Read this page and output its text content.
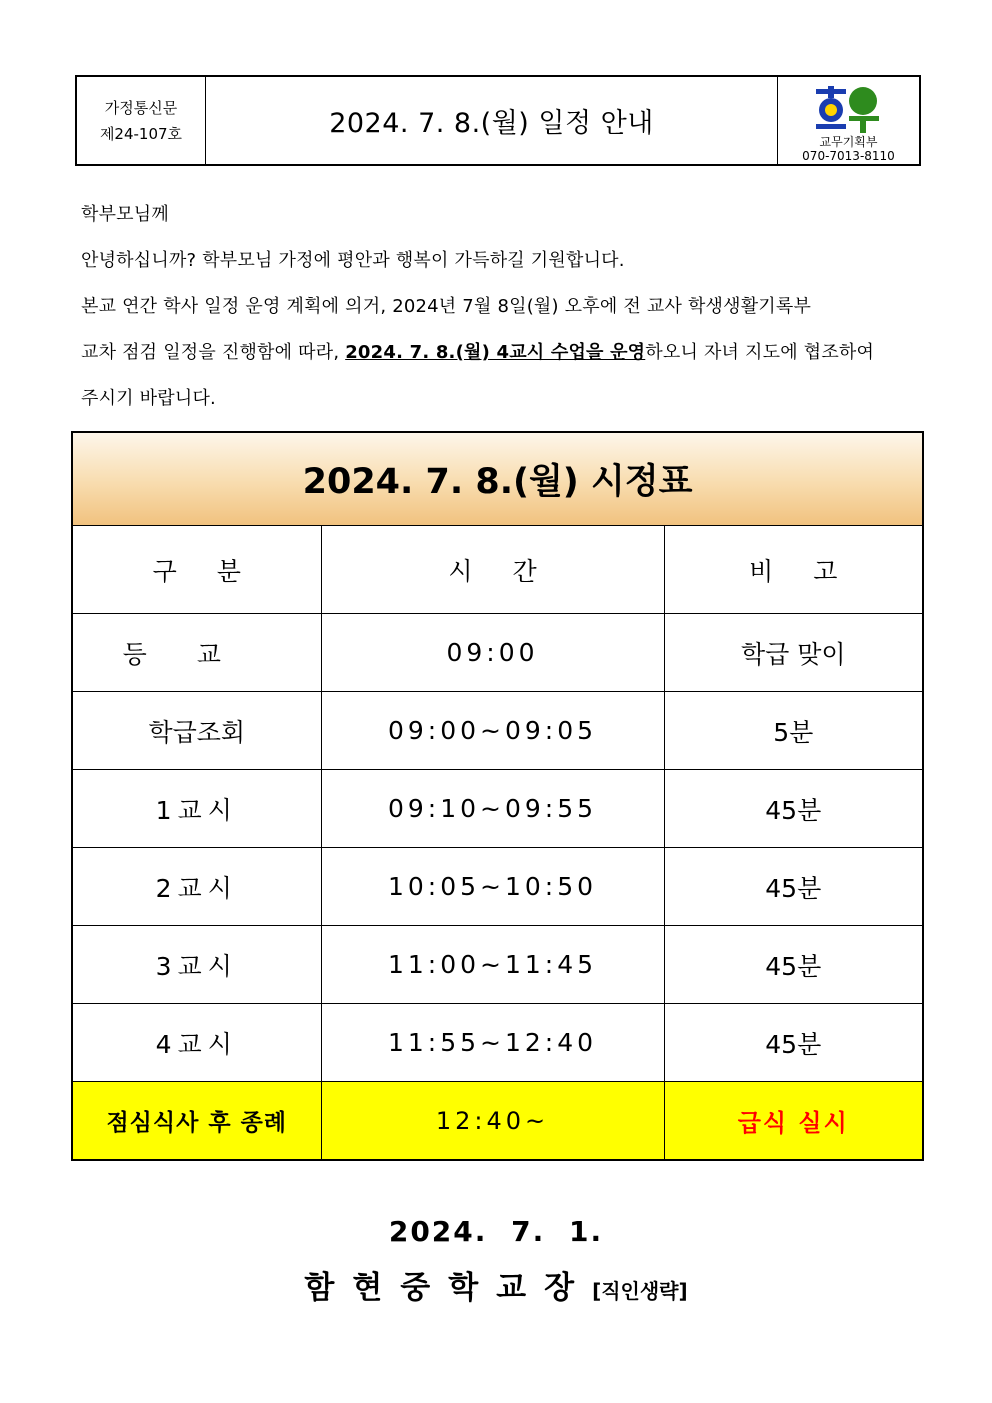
가정통신문
제24-107호	2024. 7. 8.(월) 일정 안내
교무기획부
070-7013-8110
학부모님께
안녕하십니까? 학부모님 가정에 평안과 행복이 가득하길 기원합니다.
본교 연간 학사 일정 운영 계획에 의거, 2024년 7월 8일(월) 오후에 전 교사 학생생활기록부
교차 점검 일정을 진행함에 따라, 2024. 7. 8.(월) 4교시 수업을 운영하오니 자녀 지도에 협조하여
주시기 바랍니다.
2024. 7. 8.(월) 시정표		
구분	시간	비고
등교	09:00	학급 맞이
학급조회	09:00~09:05	5분
1교시	09:10~09:55	45분
2교시	10:05~10:50	45분
3교시	11:00~11:45	45분
4교시	11:55~12:40	45분
점심식사 후 종례	12:40~	급식 실시
2024. 7. 1.
함현중학교장[직인생략]
